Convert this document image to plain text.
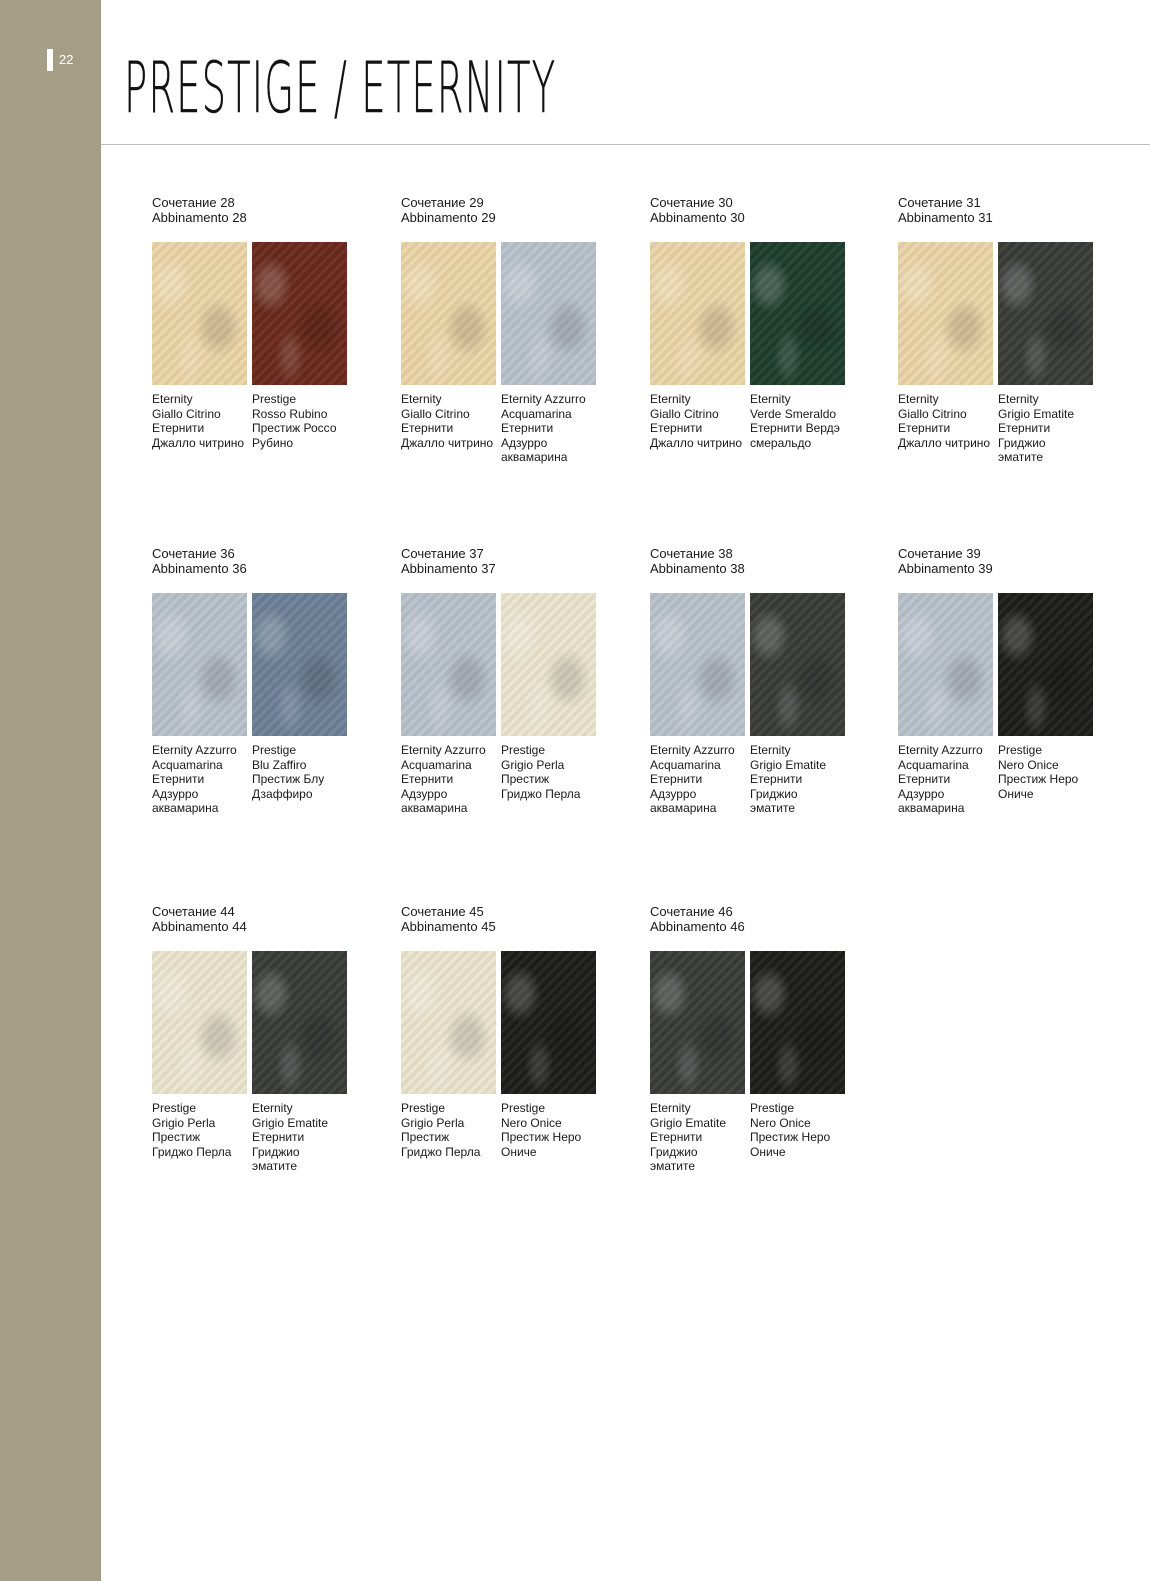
22 PRESTIGE / ETERNITY

Сочетание 28

Abbinamento 28

Eternity
Giallo Citrino
Етернити
Джалло читрино
Prestige
Rosso Rubino
Престиж Россо
Рубино

Сочетание 29

Abbinamento 29

Eternity
Giallo Citrino
Етернити
Джалло читрино
Eternity Azzurro
Acquamarina
Етернити
Адзурро
аквамарина

Сочетание 30

Abbinamento 30

Eternity
Giallo Citrino
Етернити
Джалло читрино
Eternity
Verde Smeraldo
Етернити Вердэ
смеральдо

Сочетание 31

Abbinamento 31

Eternity
Giallo Citrino
Етернити
Джалло читрино
Eternity
Grigio Ematite
Етернити
Гриджио
эматите

Сочетание 36

Abbinamento 36

Eternity Azzurro
Acquamarina
Етернити
Адзурро
аквамарина
Prestige
Blu Zaffiro
Престиж Блу
Дзаффиро

Сочетание 37

Abbinamento 37

Eternity Azzurro
Acquamarina
Етернити
Адзурро
аквамарина
Prestige
Grigio Perla
Престиж
Гриджо Перла

Сочетание 38

Abbinamento 38

Eternity Azzurro
Acquamarina
Етернити
Адзурро
аквамарина
Eternity
Grigio Ematite
Етернити
Гриджио
эматите

Сочетание 39

Abbinamento 39

Eternity Azzurro
Acquamarina
Етернити
Адзурро
аквамарина
Prestige
Nero Onice
Престиж Неро
Ониче

Сочетание 44

Abbinamento 44

Prestige
Grigio Perla
Престиж
Гриджо Перла
Eternity
Grigio Ematite
Етернити
Гриджио
эматите

Сочетание 45

Abbinamento 45

Prestige
Grigio Perla
Престиж
Гриджо Перла
Prestige
Nero Onice
Престиж Неро
Ониче

Сочетание 46

Abbinamento 46

Eternity
Grigio Ematite
Етернити
Гриджио
эматите
Prestige
Nero Onice
Престиж Неро
Ониче
